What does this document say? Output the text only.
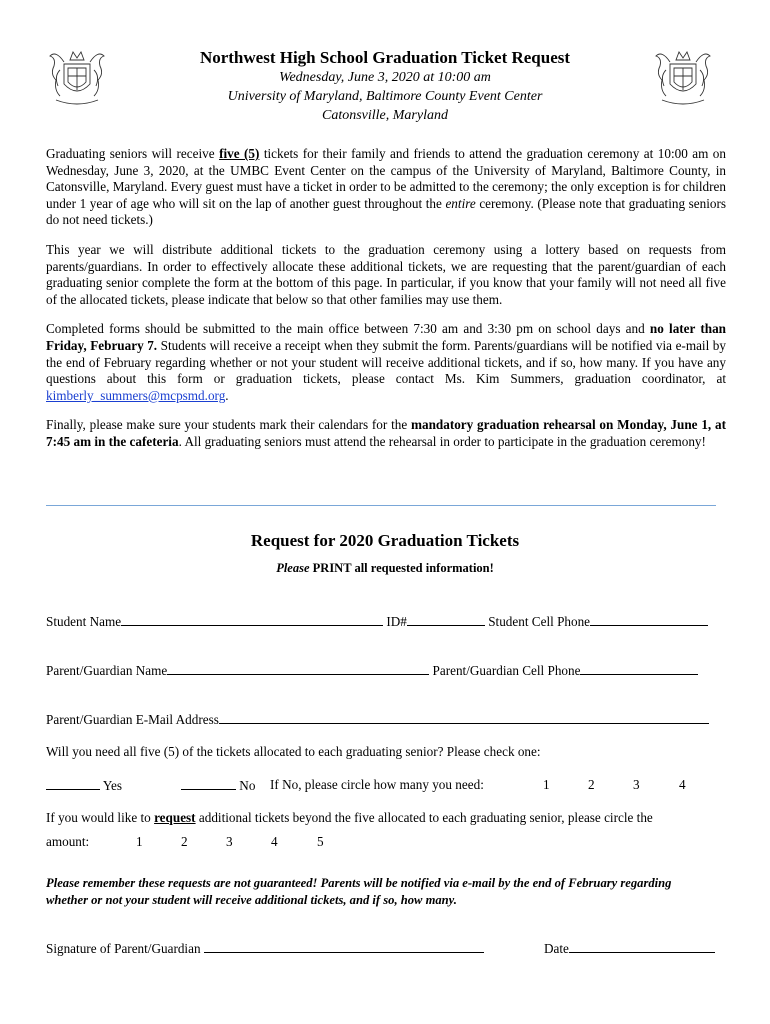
Northwest High School Graduation Ticket Request

Wednesday, June 3, 2020 at 10:00 am

University of Maryland, Baltimore County Event Center

Catonsville, Maryland

Graduating seniors will receive five (5) tickets for their family and friends to attend the graduation ceremony at 10:00 am on Wednesday, June 3, 2020, at the UMBC Event Center on the campus of the University of Maryland, Baltimore County, in Catonsville, Maryland. Every guest must have a ticket in order to be admitted to the ceremony; the only exception is for children under 1 year of age who will sit on the lap of another guest throughout the entire ceremony. (Please note that graduating seniors do not need tickets.)

This year we will distribute additional tickets to the graduation ceremony using a lottery based on requests from parents/guardians. In order to effectively allocate these additional tickets, we are requesting that the parent/guardian of each graduating senior complete the form at the bottom of this page. In particular, if you know that your family will not need all five of the allocated tickets, please indicate that below so that other families may use them.

Completed forms should be submitted to the main office between 7:30 am and 3:30 pm on school days and no later than Friday, February 7. Students will receive a receipt when they submit the form. Parents/guardians will be notified via e-mail by the end of February regarding whether or not your student will receive additional tickets, and if so, how many. If you have any questions about this form or graduation tickets, please contact Ms. Kim Summers, graduation coordinator, at kimberly_summers@mcpsmd.org.

Finally, please make sure your students mark their calendars for the mandatory graduation rehearsal on Monday, June 1, at 7:45 am in the cafeteria. All graduating seniors must attend the rehearsal in order to participate in the graduation ceremony!

Request for 2020 Graduation Tickets
Please PRINT all requested information!
Student Name	ID#	Student Cell Phone
Parent/Guardian Name	Parent/Guardian Cell Phone
Parent/Guardian E-Mail Address
Will you need all five (5) of the tickets allocated to each graduating senior? Please check one:
Yes	No If No, please circle how many you need:	1	2	3	4
If you would like to request additional tickets beyond the five allocated to each graduating senior, please circle the
amount:	1	2	3	4	5
Please remember these requests are not guaranteed! Parents will be notified via e-mail by the end of February regarding whether or not your student will receive additional tickets, and if so, how many.
Signature of Parent/Guardian	Date
